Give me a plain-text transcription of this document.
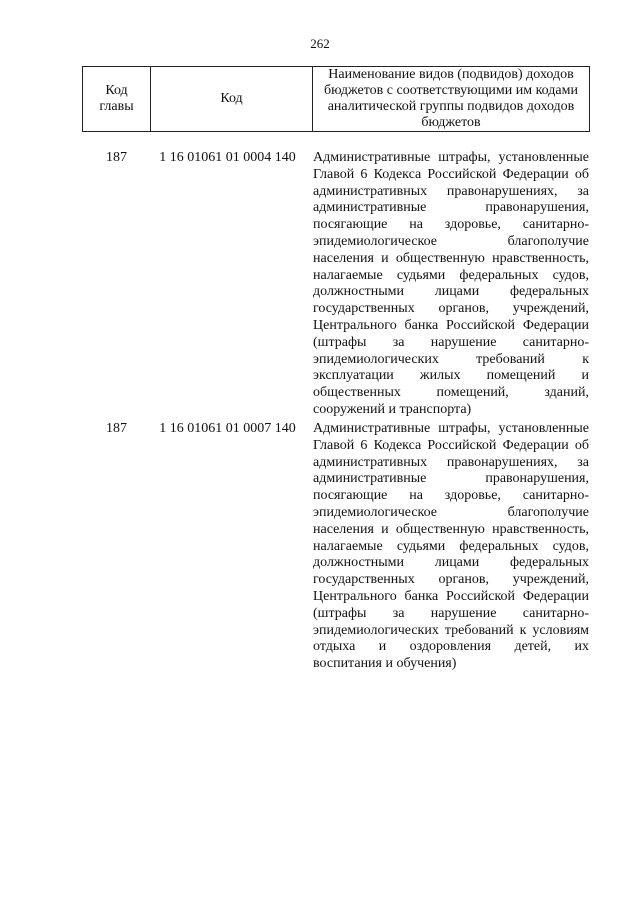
262
Код главы	Код	Наименование видов (подвидов) доходов бюджетов с соответствующими им кодами аналитической группы подвидов доходов бюджетов
187	1 16 01061 01 0004 140	Административные штрафы, установленные
Главой 6 Кодекса Российской Федерации об
административных правонарушениях, за
административные правонарушения,
посягающие на здоровье, санитарно-
эпидемиологическое благополучие
населения и общественную нравственность,
налагаемые судьями федеральных судов,
должностными лицами федеральных
государственных органов, учреждений,
Центрального банка Российской Федерации
(штрафы за нарушение санитарно-
эпидемиологических требований к
эксплуатации жилых помещений и
общественных помещений, зданий,
сооружений и транспорта)
187	1 16 01061 01 0007 140	Административные штрафы, установленные
Главой 6 Кодекса Российской Федерации об
административных правонарушениях, за
административные правонарушения,
посягающие на здоровье, санитарно-
эпидемиологическое благополучие
населения и общественную нравственность,
налагаемые судьями федеральных судов,
должностными лицами федеральных
государственных органов, учреждений,
Центрального банка Российской Федерации
(штрафы за нарушение санитарно-
эпидемиологических требований к условиям
отдыха и оздоровления детей, их
воспитания и обучения)
